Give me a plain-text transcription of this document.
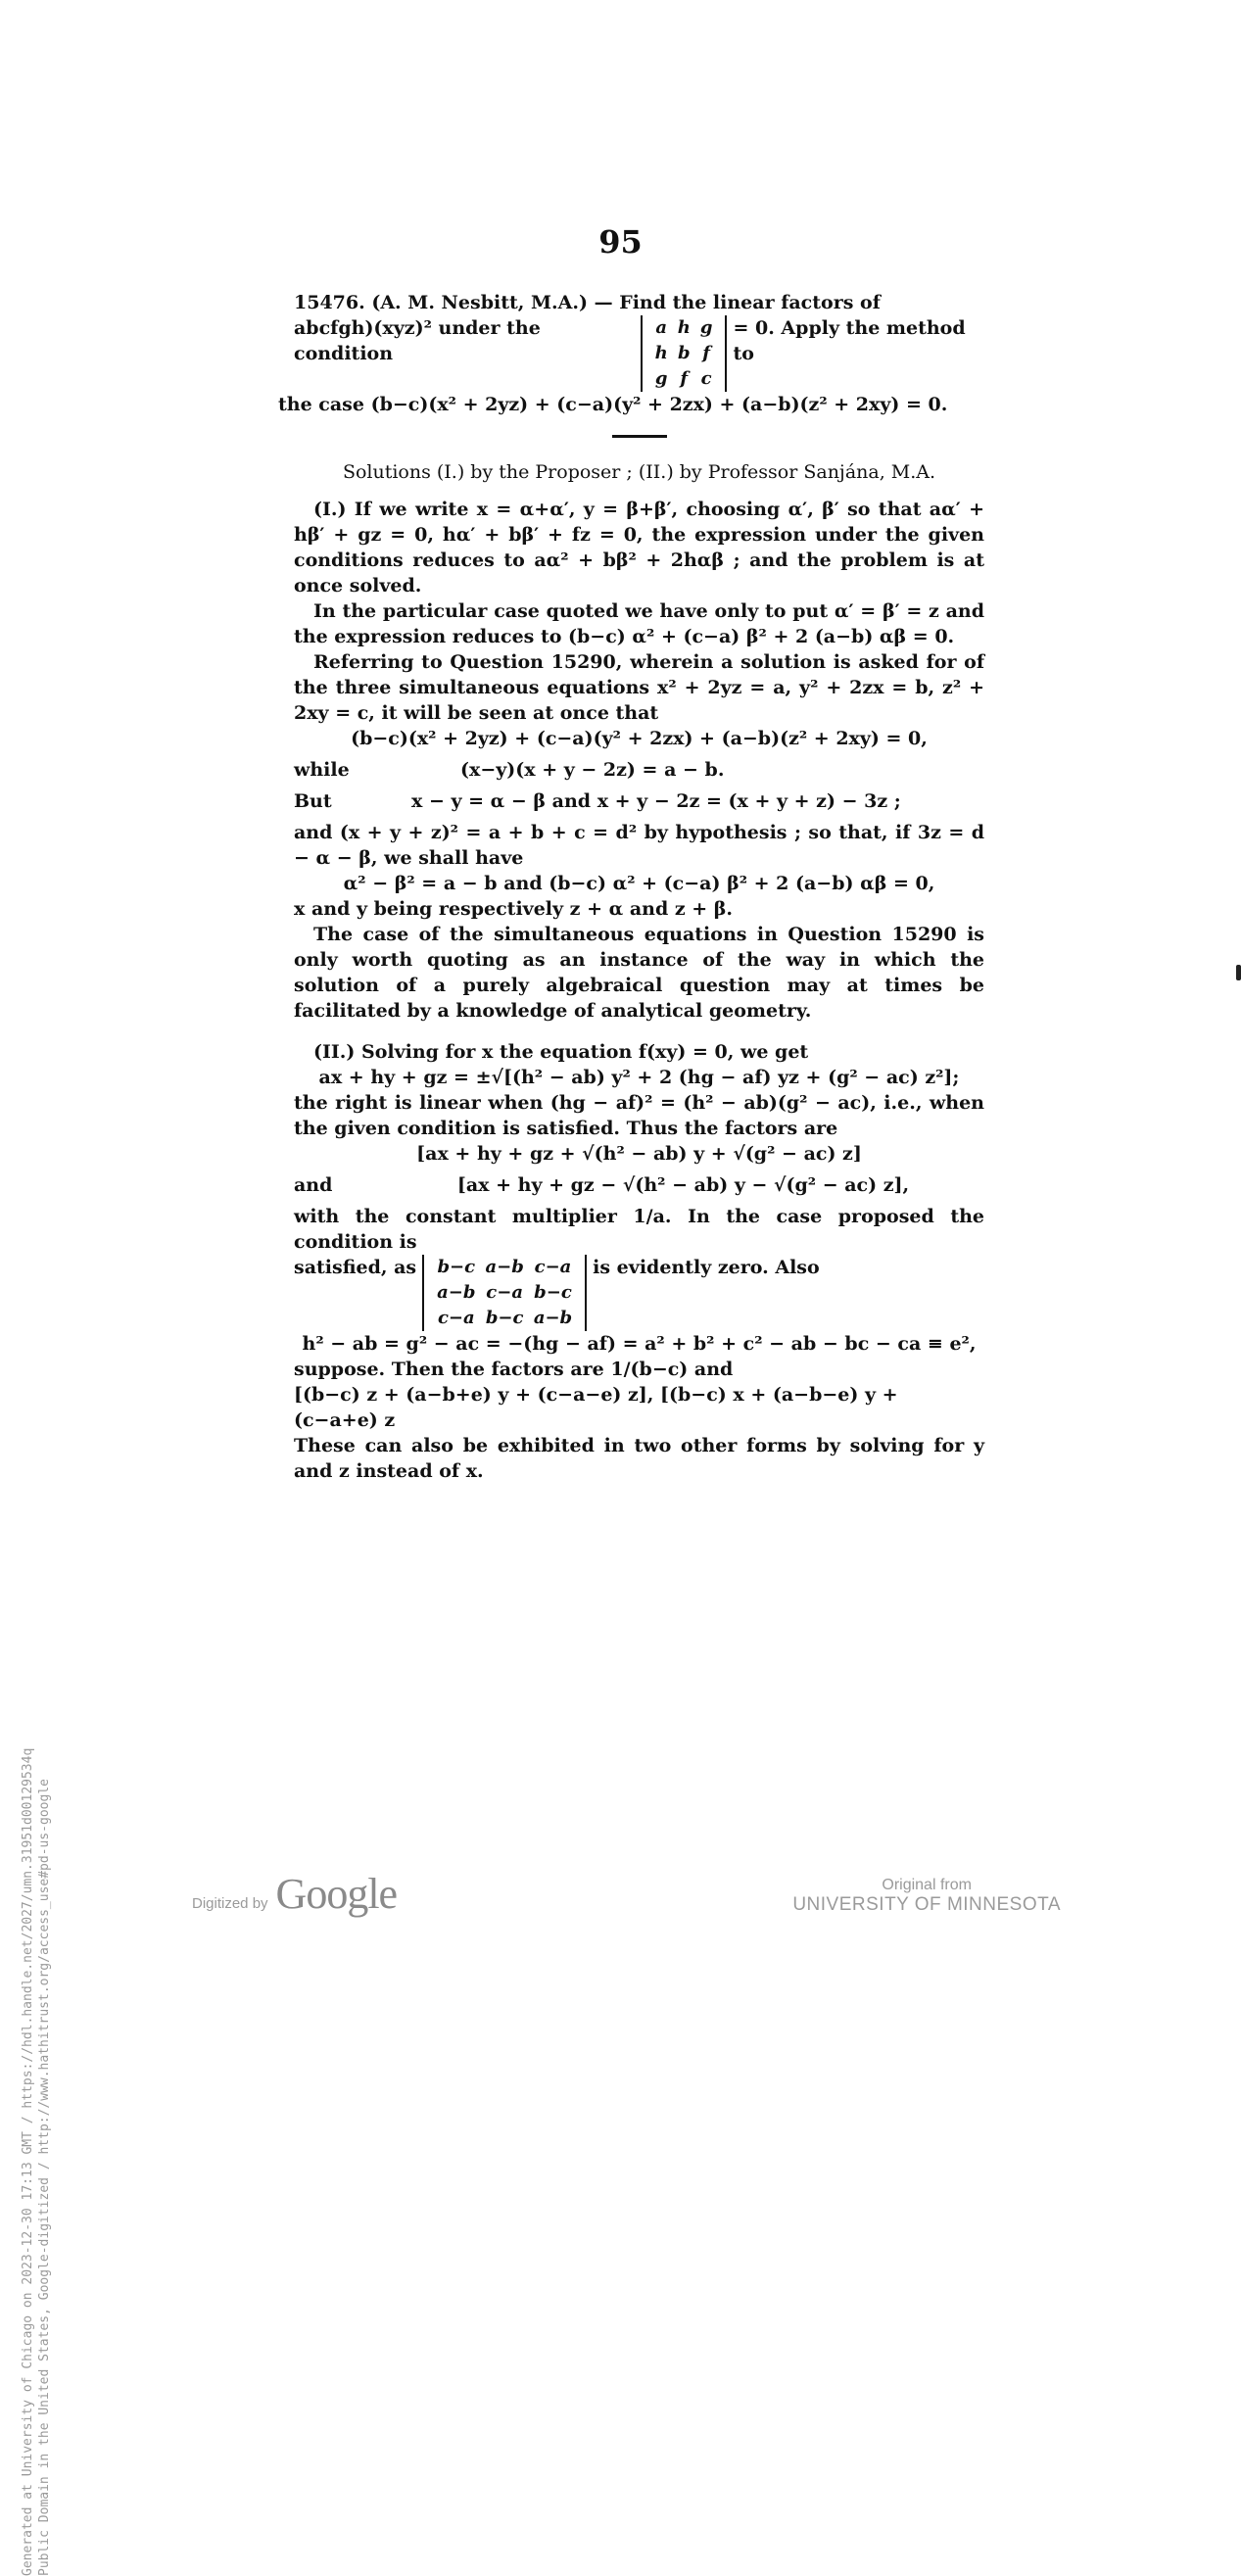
95

15476. (A. M. Nesbitt, M.A.) — Find the linear factors of

abcfgh)(xyz)² under the condition
a	h	g
h	b	f
g	f	c
= 0. Apply the method to

the case (b−c)(x² + 2yz) + (c−a)(y² + 2zx) + (a−b)(z² + 2xy) = 0.

Solutions (I.) by the Proposer ; (II.) by Professor Sanjána, M.A.

(I.) If we write x = α+α′, y = β+β′, choosing α′, β′ so that aα′ + hβ′ + gz = 0, hα′ + bβ′ + fz = 0, the expression under the given conditions reduces to aα² + bβ² + 2hαβ ; and the problem is at once solved.

In the particular case quoted we have only to put α′ = β′ = z and the expression reduces to (b−c) α² + (c−a) β² + 2 (a−b) αβ = 0.

Referring to Question 15290, wherein a solution is asked for of the three simultaneous equations x² + 2yz = a, y² + 2zx = b, z² + 2xy = c, it will be seen at once that

(b−c)(x² + 2yz) + (c−a)(y² + 2zx) + (a−b)(z² + 2xy) = 0,

while	(x−y)(x + y − 2z) = a − b.
But	x − y = α − β and x + y − 2z = (x + y + z) − 3z ;

and (x + y + z)² = a + b + c = d² by hypothesis ; so that, if 3z = d − α − β, we shall have

α² − β² = a − b and (b−c) α² + (c−a) β² + 2 (a−b) αβ = 0,

x and y being respectively z + α and z + β.

The case of the simultaneous equations in Question 15290 is only worth quoting as an instance of the way in which the solution of a purely algebraical question may at times be facilitated by a knowledge of analytical geometry.

(II.) Solving for x the equation f(xy) = 0, we get

ax + hy + gz = ±√[(h² − ab) y² + 2 (hg − af) yz + (g² − ac) z²];

the right is linear when (hg − af)² = (h² − ab)(g² − ac), i.e., when the given condition is satisfied. Thus the factors are

[ax + hy + gz + √(h² − ab) y + √(g² − ac) z]

and	[ax + hy + gz − √(h² − ab) y − √(g² − ac) z],

with the constant multiplier 1/a. In the case proposed the condition is

satisfied, as b−c	a−b	c−a
a−b	c−a	b−c
c−a	b−c	a−b
is evidently zero. Also

h² − ab = g² − ac = −(hg − af) = a² + b² + c² − ab − bc − ca ≡ e²,

suppose. Then the factors are 1/(b−c) and

[(b−c) z + (a−b+e) y + (c−a−e) z], [(b−c) x + (a−b−e) y + (c−a+e) z

These can also be exhibited in two other forms by solving for y and z instead of x.

Generated at University of Chicago on 2023-12-30 17:13 GMT / https://hdl.handle.net/2027/umn.31951d00129534q Public Domain in the United States, Google-digitized / http://www.hathitrust.org/access_use#pd-us-google	Digitized by Google	Original from
UNIVERSITY OF MINNESOTA
